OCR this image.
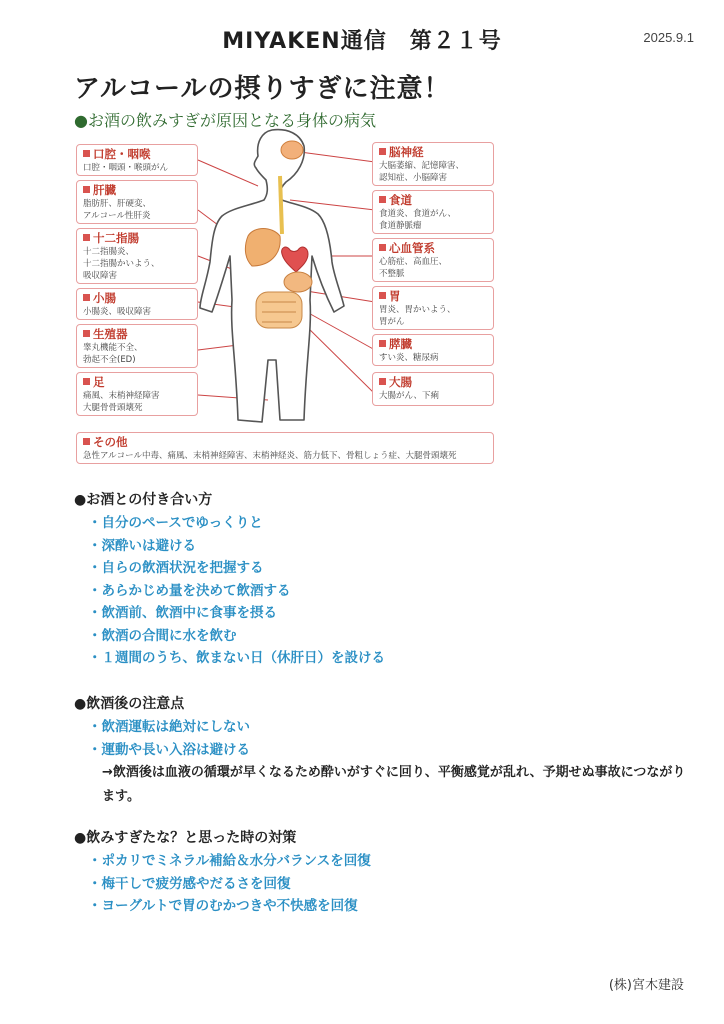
MIYAKEN通信　第２１号	2025.9.1
アルコールの摂りすぎに注意！
●お酒の飲みすぎが原因となる身体の病気
口腔・咽喉
口腔・咽頭・喉頭がん
肝臓
脂肪肝、肝硬変、
アルコール性肝炎
十二指腸
十二指腸炎、
十二指腸かいよう、
吸収障害
小腸
小腸炎、吸収障害
生殖器
睾丸機能不全、
勃起不全(ED)
足
痛風、末梢神経障害
大腿骨骨頭壊死
脳神経
大脳萎縮、記憶障害、
認知症、小脳障害
食道
食道炎、食道がん、
食道静脈瘤
心血管系
心筋症、高血圧、
不整脈
胃
胃炎、胃かいよう、
胃がん
膵臓
すい炎、糖尿病
大腸
大腸がん、下痢
その他
急性アルコール中毒、痛風、末梢神経障害、末梢神経炎、筋力低下、骨粗しょう症、大腿骨頭壊死
●お酒との付き合い方
・自分のペースでゆっくりと
・深酔いは避ける
・自らの飲酒状況を把握する
・あらかじめ量を決めて飲酒する
・飲酒前、飲酒中に食事を摂る
・飲酒の合間に水を飲む
・１週間のうち、飲まない日（休肝日）を設ける
●飲酒後の注意点
・飲酒運転は絶対にしない
・運動や長い入浴は避ける
→飲酒後は血液の循環が早くなるため酔いがすぐに回り、平衡感覚が乱れ、予期せぬ事故につながります。
●飲みすぎたな？と思った時の対策
・ポカリでミネラル補給＆水分バランスを回復
・梅干しで疲労感やだるさを回復
・ヨーグルトで胃のむかつきや不快感を回復
(株)宮木建設
